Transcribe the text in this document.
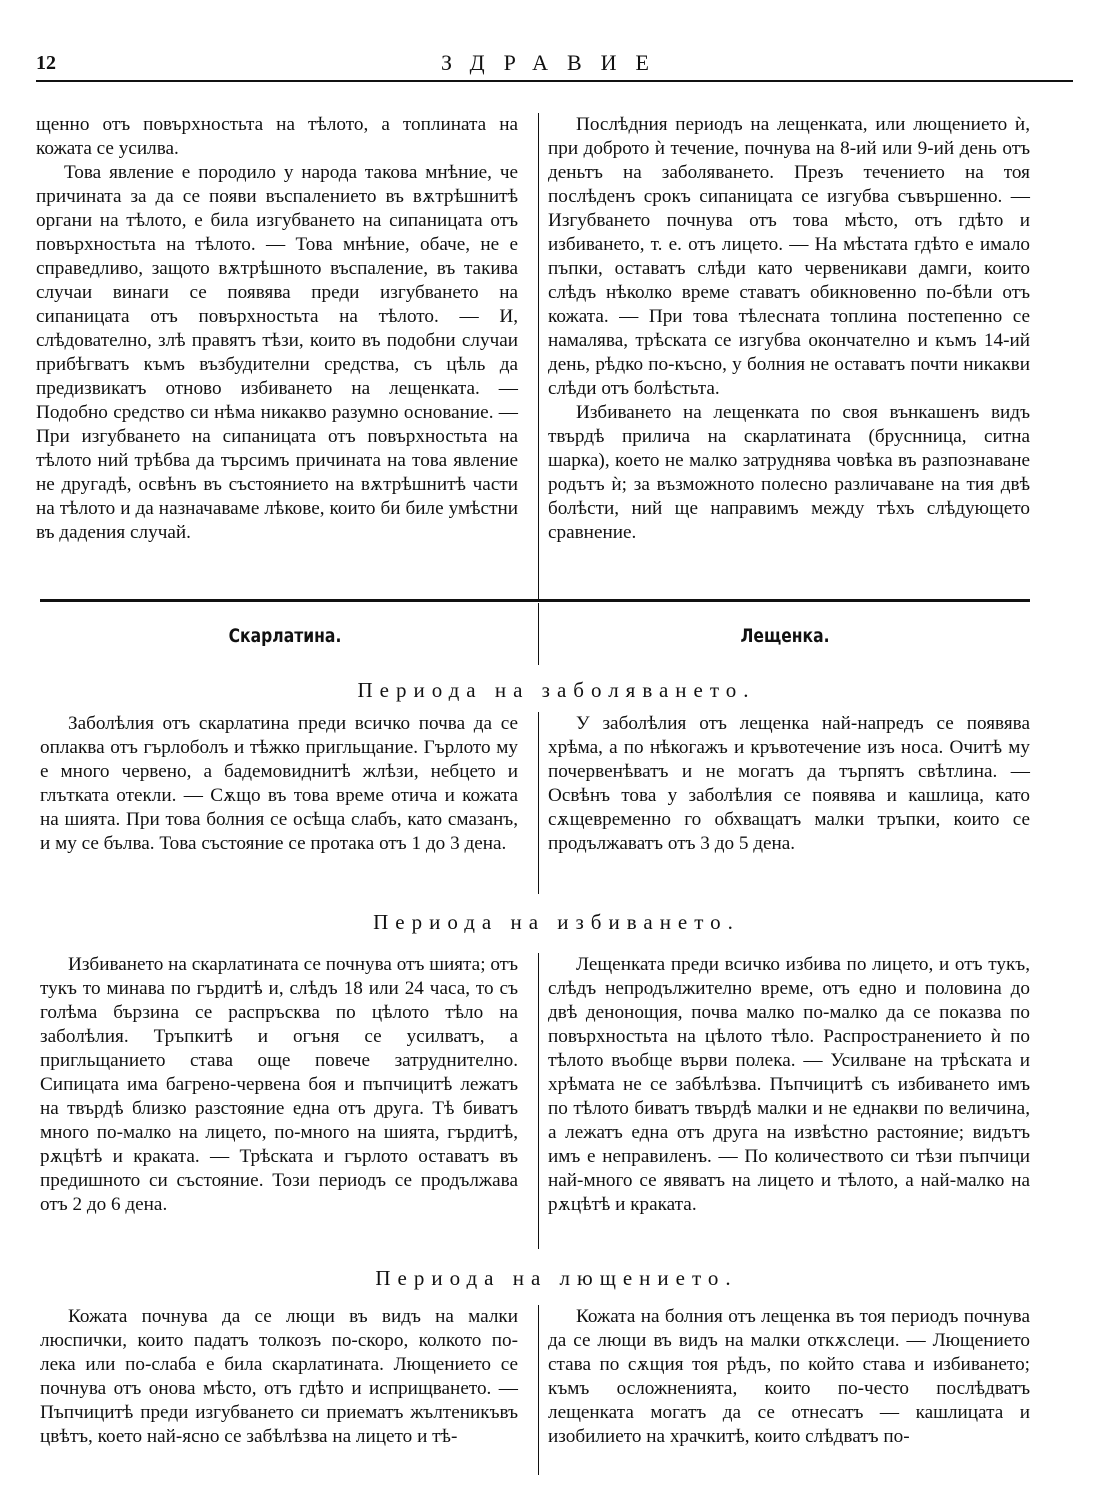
12	ЗДРАВИЕ

щенно отъ повърхностьта на тѣлото, а топлината на кожата се усилва.

Това явление е породило у народа такова мнѣние, че причината за да се появи въспалението въ вѫтрѣшнитѣ органи на тѣлото, е била изгубването на сипаницата отъ повърхностьта на тѣлото. — Това мнѣние, обаче, не е справедливо, защото вѫтрѣшното въспаление, въ такива случаи винаги се появява преди изгубването на сипаницата отъ повърхностьта на тѣлото. — И, слѣдователно, злѣ правятъ тѣзи, които въ подобни случаи прибѣгватъ къмъ възбудителни средства, съ цѣль да предизвикатъ отново избиването на лещенката. — Подобно средство си нѣма никакво разумно основание. — При изгубването на сипаницата отъ повърхностьта на тѣлото ний трѣбва да търсимъ причината на това явление не другадѣ, освѣнъ въ състоянието на вѫтрѣшнитѣ части на тѣлото и да назначаваме лѣкове, които би биле умѣстни въ дадения случай.

Послѣдния периодъ на лещенката, или лющението ѝ, при доброто ѝ течение, почнува на 8-ий или 9-ий день отъ деньтъ на заболяването. Презъ течението на тоя послѣденъ срокъ сипаницата се изгубва съвършенно. — Изгубването почнува отъ това мѣсто, отъ гдѣто и избиването, т. е. отъ лицето. — На мѣстата гдѣто е имало пъпки, оставатъ слѣди като червеникави дамги, които слѣдъ нѣколко време ставатъ обикновенно по-бѣли отъ кожата. — При това тѣлесната топлина постепенно се намалява, трѣската се изгубва окончателно и къмъ 14-ий день, рѣдко по-късно, у болния не оставатъ почти никакви слѣди отъ болѣстьта.

Избиването на лещенката по своя вънкашенъ видъ твърдѣ прилича на скарлатината (бруснница, ситна шарка), което не малко затруднява човѣка въ разпознаване родътъ ѝ; за възможното полесно различаване на тия двѣ болѣсти, ний ще направимъ между тѣхъ слѣдующето сравнение.

Скарлатина.	Лещенка.
Периода на заболяването.

Заболѣлия отъ скарлатина преди всичко почва да се оплаква отъ гърлоболъ и тѣжко пригльщание. Гърлото му е много червено, а бадемовиднитѣ жлѣзи, небцето и глътката отекли. — Сѫщо въ това време отича и кожата на шията. При това болния се осѣща слабъ, като смазанъ, и му се бълва. Това състояние се протака отъ 1 до 3 дена.

У заболѣлия отъ лещенка най-напредъ се появява хрѣма, а по нѣкогажъ и кръвотечение изъ носа. Очитѣ му почервенѣватъ и не могатъ да търпятъ свѣтлина. — Освѣнъ това у заболѣлия се появява и кашлица, като сѫщевременно го обхващатъ малки тръпки, които се продължаватъ отъ 3 до 5 дена.

Периода на избиването.

Избиването на скарлатината се почнува отъ шията; отъ тукъ то минава по гърдитѣ и, слѣдъ 18 или 24 часа, то съ голѣма бързина се распръсква по цѣлото тѣло на заболѣлия. Тръпкитѣ и огъня се усилватъ, а пригльщанието става още повече затруднително. Сипицата има багрено-червена боя и пъпчицитѣ лежатъ на твърдѣ близко разстояние една отъ друга. Тѣ биватъ много по-малко на лицето, по-много на шията, гърдитѣ, рѫцѣтѣ и краката. — Трѣската и гърлото оставатъ въ предишното си състояние. Този периодъ се продължава отъ 2 до 6 дена.

Лещенката преди всичко избива по лицето, и отъ тукъ, слѣдъ непродължително време, отъ едно и половина до двѣ денонощия, почва малко по-малко да се показва по повърхностьта на цѣлото тѣло. Распространението ѝ по тѣлото въобще върви полека. — Усилване на трѣската и хрѣмата не се забѣлѣзва. Пъпчицитѣ съ избиването имъ по тѣлото биватъ твърдѣ малки и не еднакви по величина, а лежатъ една отъ друга на извѣстно растояние; видътъ имъ е неправиленъ. — По количеството си тѣзи пъпчици най-много се явяватъ на лицето и тѣлото, а най-малко на рѫцѣтѣ и краката.

Периода на лющението.

Кожата почнува да се лющи въ видъ на малки люспички, които падатъ толкозъ по-скоро, колкото по-лека или по-слаба е била скарлатината. Лющението се почнува отъ онова мѣсто, отъ гдѣто и исприщването. — Пъпчицитѣ преди изгубването си приематъ жълтеникъвъ цвѣтъ, което най-ясно се забѣлѣзва на лицето и тѣ-

Кожата на болния отъ лещенка въ тоя периодъ почнува да се лющи въ видъ на малки откѫслеци. — Лющението става по сѫщия тоя рѣдъ, по който става и избиването; къмъ осложненията, които по-често послѣдватъ лещенката могатъ да се отнесатъ — кашлицата и изобилието на храчкитѣ, които слѣдватъ по-
